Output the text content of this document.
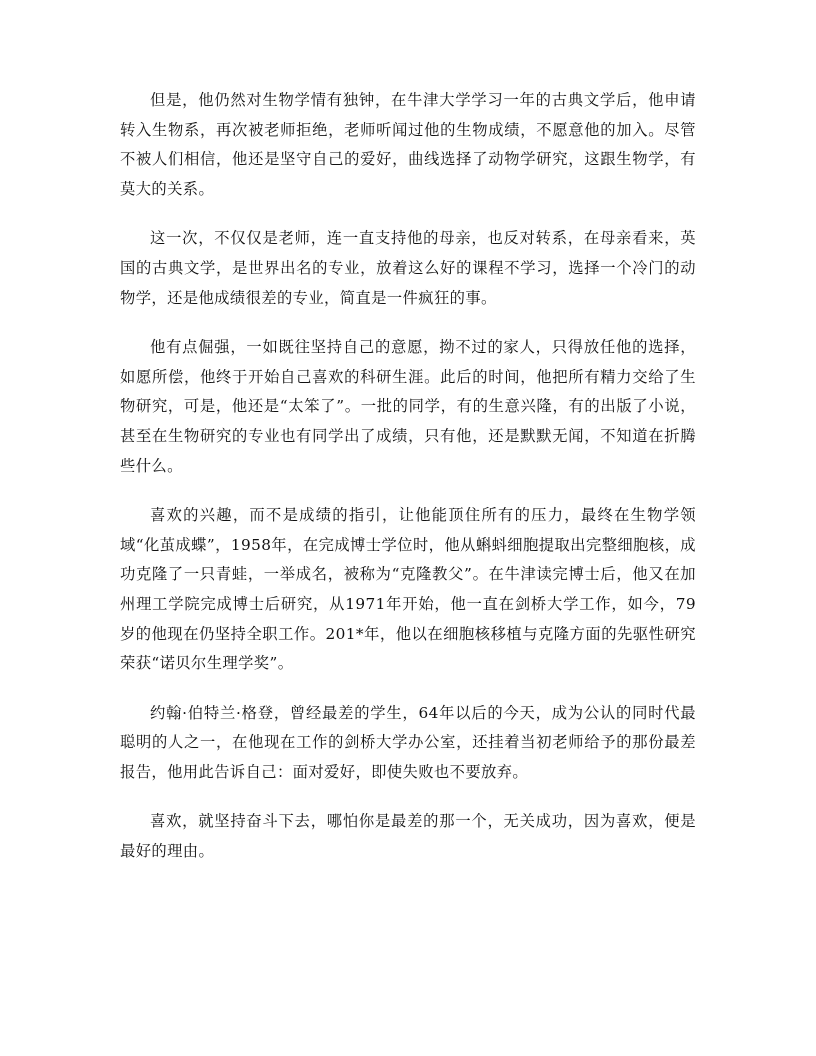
但是，他仍然对生物学情有独钟，在牛津大学学习一年的古典文学后，他申请转入生物系，再次被老师拒绝，老师听闻过他的生物成绩，不愿意他的加入。尽管不被人们相信，他还是坚守自己的爱好，曲线选择了动物学研究，这跟生物学，有莫大的关系。

这一次，不仅仅是老师，连一直支持他的母亲，也反对转系，在母亲看来，英国的古典文学，是世界出名的专业，放着这么好的课程不学习，选择一个冷门的动物学，还是他成绩很差的专业，简直是一件疯狂的事。

他有点倔强，一如既往坚持自己的意愿，拗不过的家人，只得放任他的选择，如愿所偿，他终于开始自己喜欢的科研生涯。此后的时间，他把所有精力交给了生物研究，可是，他还是“太笨了”。一批的同学，有的生意兴隆，有的出版了小说，甚至在生物研究的专业也有同学出了成绩，只有他，还是默默无闻，不知道在折腾些什么。

喜欢的兴趣，而不是成绩的指引，让他能顶住所有的压力，最终在生物学领域“化茧成蝶”，1958年，在完成博士学位时，他从蝌蚪细胞提取出完整细胞核，成功克隆了一只青蛙，一举成名，被称为“克隆教父”。在牛津读完博士后，他又在加州理工学院完成博士后研究，从1971年开始，他一直在剑桥大学工作，如今，79岁的他现在仍坚持全职工作。201*年，他以在细胞核移植与克隆方面的先驱性研究荣获“诺贝尔生理学奖”。

约翰·伯特兰·格登，曾经最差的学生，64年以后的今天，成为公认的同时代最聪明的人之一，在他现在工作的剑桥大学办公室，还挂着当初老师给予的那份最差报告，他用此告诉自己：面对爱好，即使失败也不要放弃。

喜欢，就坚持奋斗下去，哪怕你是最差的那一个，无关成功，因为喜欢，便是最好的理由。
